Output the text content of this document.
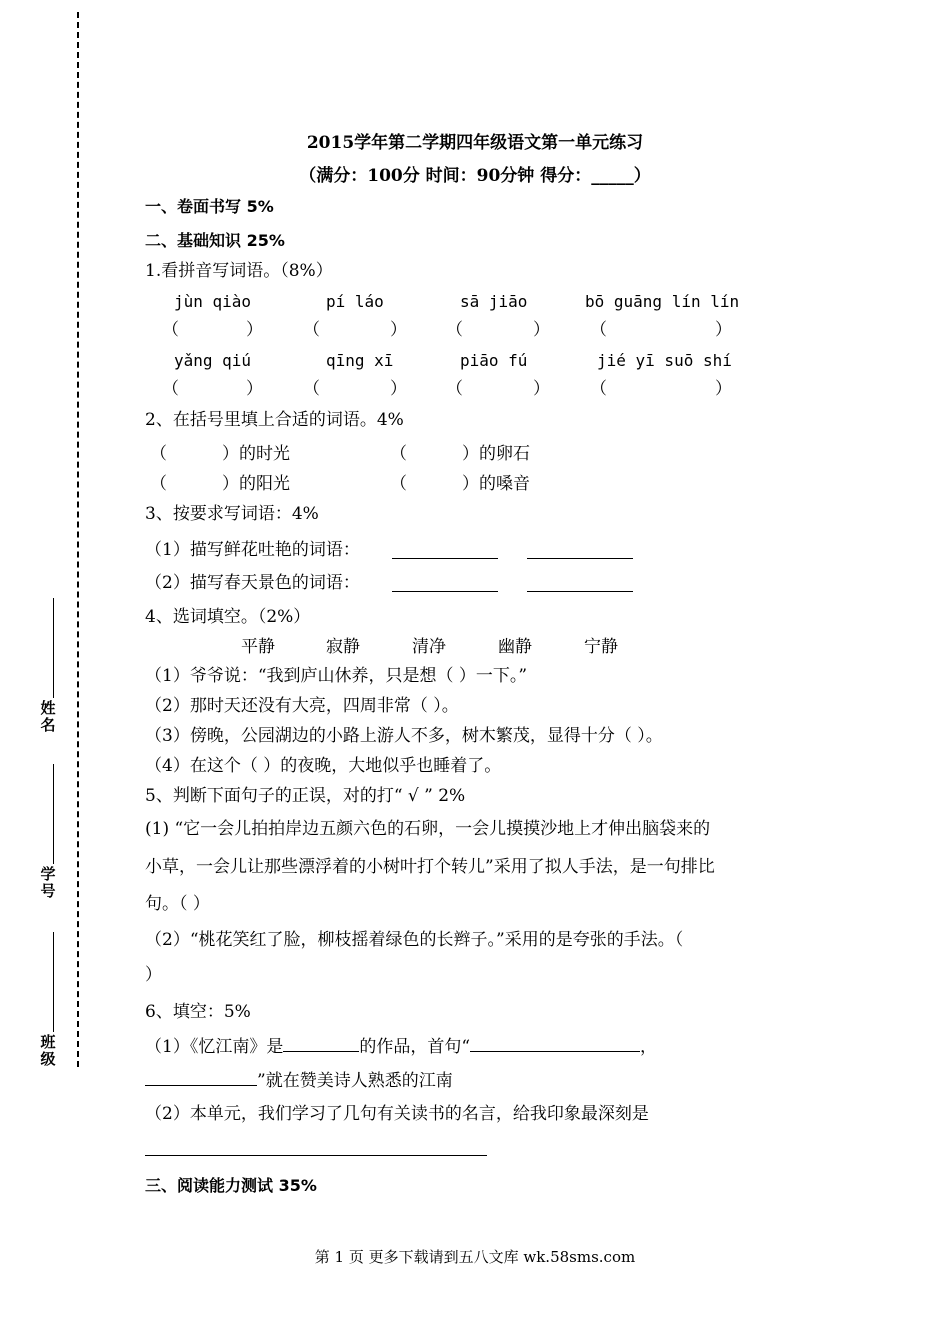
姓
名
学
号
班
级
2015学年第二学期四年级语文第一单元练习
（满分：100分 时间：90分钟 得分：_____）
一、卷面书写 5%
二、基础知识 25%
1.看拼音写词语。（8%）
jùn qiào	pí láo	sā jiāo	bō guāng lín lín
（	） （	） （	） （	）
yǎng qiú	qīng xī	piāo fú	jié yī suō shí
（	） （	） （	） （	）
2、在括号里填上合适的词语。4%
（	）的时光	（	）的卵石
（	）的阳光	（	）的嗓音
3、按要求写词语：4%
（1）描写鲜花吐艳的词语：
（2）描写春天景色的词语：
4、选词填空。（2%）
平静	寂静	清净	幽静	宁静
（1）爷爷说：“我到庐山休养，只是想（ ）一下。”
（2）那时天还没有大亮，四周非常（ ）。
（3）傍晚，公园湖边的小路上游人不多，树木繁茂，显得十分（ ）。
（4）在这个（ ）的夜晚，大地似乎也睡着了。
5、判断下面句子的正误，对的打“ √ ” 2%
(1) “它一会儿拍拍岸边五颜六色的石卵，一会儿摸摸沙地上才伸出脑袋来的
小草，一会儿让那些漂浮着的小树叶打个转儿”采用了拟人手法，是一句排比
句。（ ）
（2）“桃花笑红了脸，柳枝摇着绿色的长辫子。”采用的是夸张的手法。（
）
6、填空：5%
（1）《忆江南》是	的作品，首句“	，
”就在赞美诗人熟悉的江南
（2）本单元，我们学习了几句有关读书的名言，给我印象最深刻是
三、阅读能力测试 35%
第 1 页 更多下载请到五八文库 wk.58sms.com
